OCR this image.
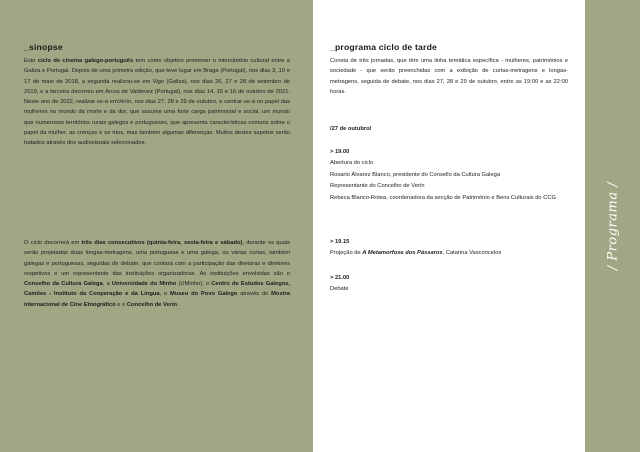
_sinopse

Esto ciclo de cinema galego-português tem como objetivo promover o intercâmbio cultural entre a Galiza e Portugal. Depois de uma primeira edição, que teve lugar em Braga (Portugal), nos dias 3, 10 e 17 de maio de 2018, a segunda realizou-se em Vigo (Galiza), nos dias 26, 27 e 28 de setembro de 2019, e a terceira decorreu em Arcos de Valdevez (Portugal), nos dias 14, 15 e 16 de outubro de 2021. Neste ano de 2022, realizar-se-á emVerín, nos dias 27, 28 e 29 de outubro, e centrar-se-á no papel das mulheres no mundo da morte e da dor, que assume uma forte carga patrimonial e social, um mundo que numerosos territórios rurais galegos e portugueses, que apresenta características comuns sobre o papel da mulher, as crenças e os ritos, mas também algumas diferenças. Muitos destes aspetos serão tratados através dos audiovisuais selecionados.

O ciclo decorrerá em três dias consecutivos (quinta-feira, sexta-feira e sábado), durante os quais serão projetadas duas longas-metragens, uma portuguesa e uma galega, ou várias curtas, também galegas e portuguesas, seguidas de debate, que contará com a participação das diretoras e diretores respetivos e um representante das instituições organizadoras. As instituições envolvidas são o Conselho da Cultura Galega, a Universidade do Minho (UMinho), o Centro de Estudos Galegos, Camões - Instituto da Cooperação e da Língua, o Museu do Povo Galego através do Mostra internacional de Cine Etnográfico e o Concelho de Verín.

_programa ciclo de tarde

Consta de três jornadas, que têm uma linha temática específica - mulheres, patrimónios e sociedade - que serão preenchidas com a exibição de curtas-metragens e longas-metragens, seguida de debate, nos dias 27, 28 e 29 de outubro, entre as 19:00 e as 22:00 horas.

/27 de outubro/
> 19.00
Abertura do ciclo
Rosario Álvarez Blanco, presidente do Consello da Cultura Galega
Representante do Concelho de Verín
Rebeca Blanco-Rotea, coordenadora da secção de Património e Bens Culturais do CCG
> 19.15
Projeção de A Metamorfose dos Pássaros, Catarina Vasconcelos
> 21.00
Debate
/ Programa /
